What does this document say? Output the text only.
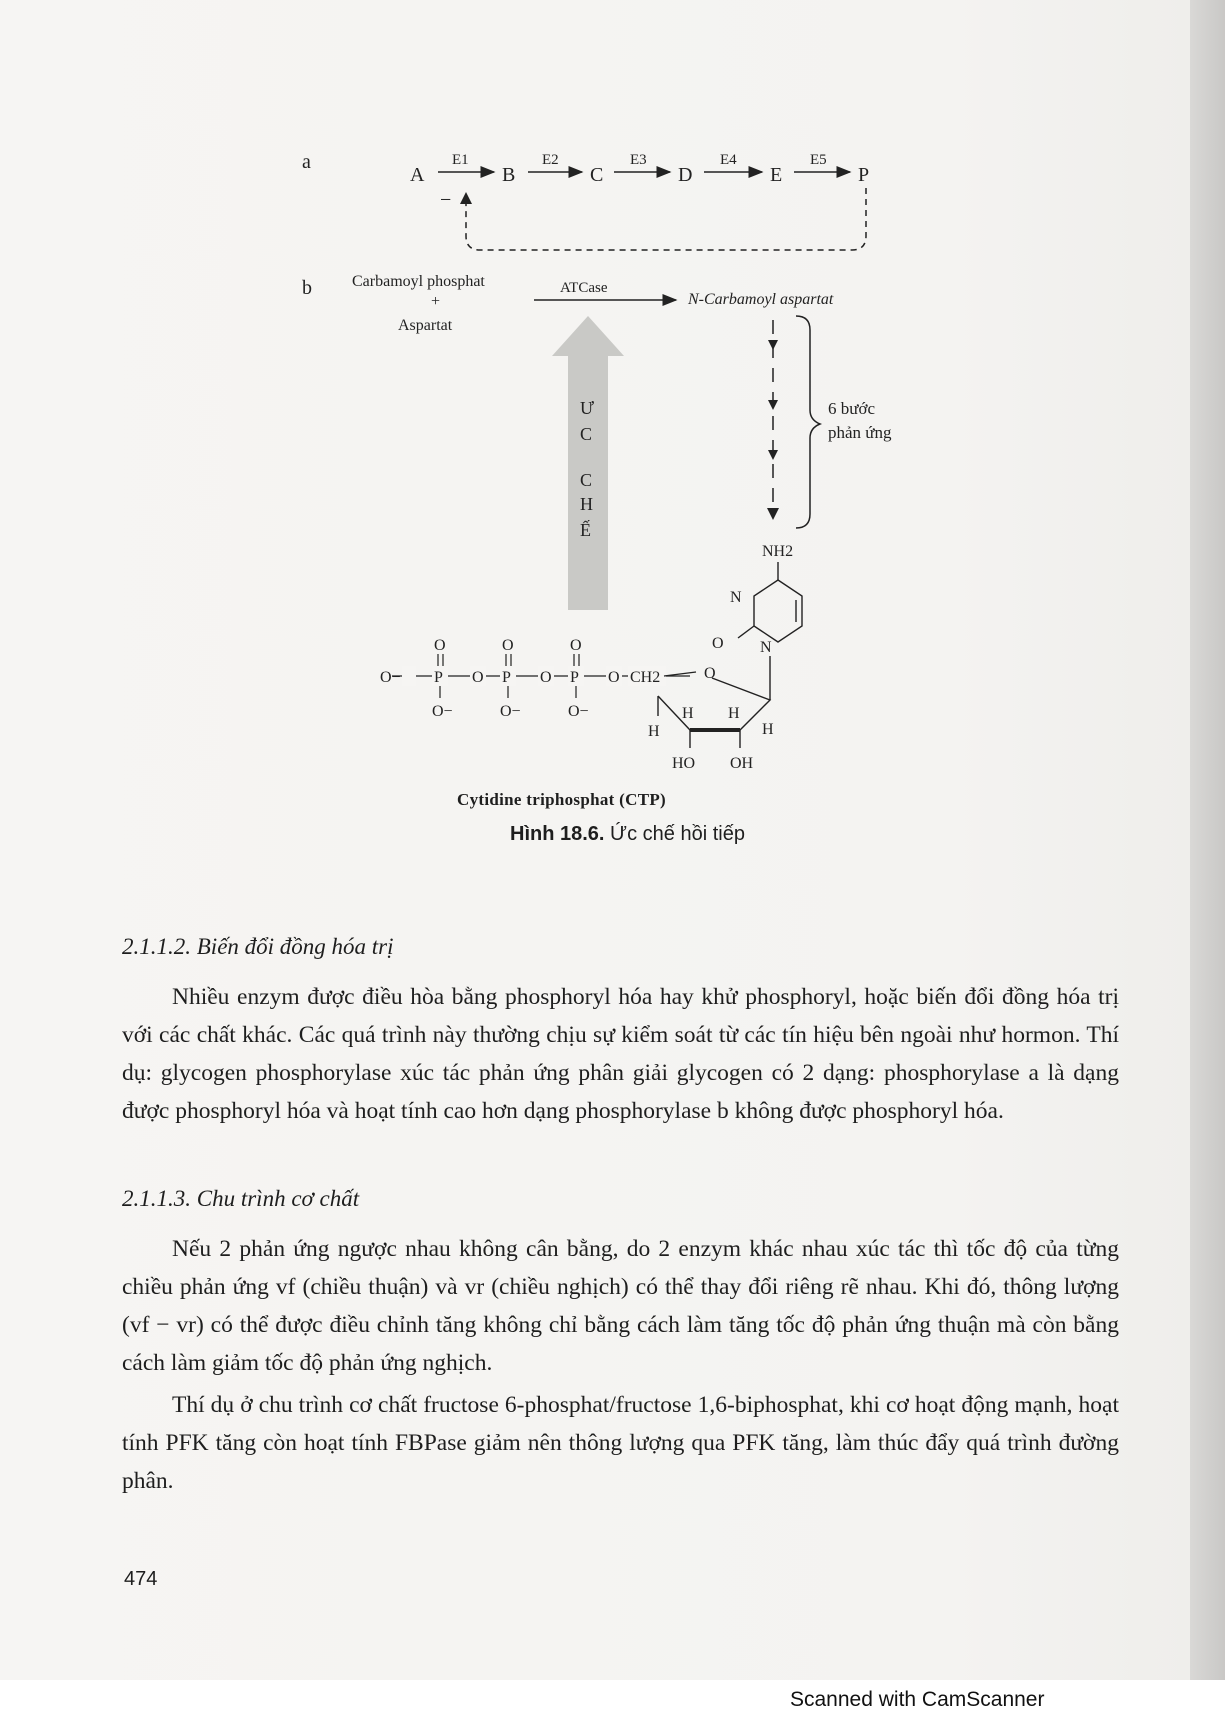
a
A	B	C	D	E	P
E1	E2	E3	E4	E5
−
b	Carbamoyl phosphat
+
Aspartat
ATCase
N-Carbamoyl aspartat
6 bước
phản ứng
Ư
C
C
H
Ế
NH2
N
N
O
O
H
H H
H
HO OH
O− P O P O P O CH2
O	O	O
O−	O−	O−
Cytidine triphosphat (CTP)
Hình 18.6. Ức chế hồi tiếp
2.1.1.2. Biến đổi đồng hóa trị

Nhiều enzym được điều hòa bằng phosphoryl hóa hay khử phosphoryl, hoặc biến đổi đồng hóa trị với các chất khác. Các quá trình này thường chịu sự kiểm soát từ các tín hiệu bên ngoài như hormon. Thí dụ: glycogen phosphorylase xúc tác phản ứng phân giải glycogen có 2 dạng: phosphorylase a là dạng được phosphoryl hóa và hoạt tính cao hơn dạng phosphorylase b không được phosphoryl hóa.

2.1.1.3. Chu trình cơ chất

Nếu 2 phản ứng ngược nhau không cân bằng, do 2 enzym khác nhau xúc tác thì tốc độ của từng chiều phản ứng vf (chiều thuận) và vr (chiều nghịch) có thể thay đổi riêng rẽ nhau. Khi đó, thông lượng (vf − vr) có thể được điều chỉnh tăng không chỉ bằng cách làm tăng tốc độ phản ứng thuận mà còn bằng cách làm giảm tốc độ phản ứng nghịch.

Thí dụ ở chu trình cơ chất fructose 6-phosphat/fructose 1,6-biphosphat, khi cơ hoạt động mạnh, hoạt tính PFK tăng còn hoạt tính FBPase giảm nên thông lượng qua PFK tăng, làm thúc đẩy quá trình đường phân.

474
Scanned with CamScanner
